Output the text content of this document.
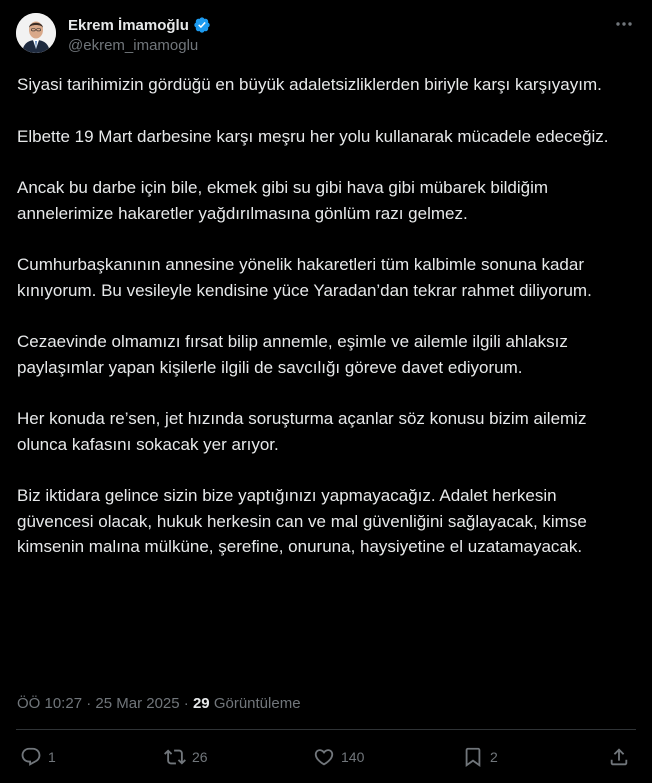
Ekrem İmamoğlu
@ekrem_imamoglu

Siyasi tarihimizin gördüğü en büyük adaletsizliklerden biriyle karşı karşıyayım.

Elbette 19 Mart darbesine karşı meşru her yolu kullanarak mücadele edeceğiz.

Ancak bu darbe için bile, ekmek gibi su gibi hava gibi mübarek bildiğim annelerimize hakaretler yağdırılmasına gönlüm razı gelmez.

Cumhurbaşkanının annesine yönelik hakaretleri tüm kalbimle sonuna kadar kınıyorum. Bu vesileyle kendisine yüce Yaradan’dan tekrar rahmet diliyorum.

Cezaevinde olmamızı fırsat bilip annemle, eşimle ve ailemle ilgili ahlaksız paylaşımlar yapan kişilerle ilgili de savcılığı göreve davet ediyorum.

Her konuda re’sen, jet hızında soruşturma açanlar söz konusu bizim ailemiz olunca kafasını sokacak yer arıyor.

Biz iktidara gelince sizin bize yaptığınızı yapmayacağız. Adalet herkesin güvencesi olacak, hukuk herkesin can ve mal güvenliğini sağlayacak, kimse kimsenin malına mülküne, şerefine, onuruna, haysiyetine el uzatamayacak.

ÖÖ 10:27 · 25 Mar 2025 · 29 Görüntüleme
1	26	140	2
